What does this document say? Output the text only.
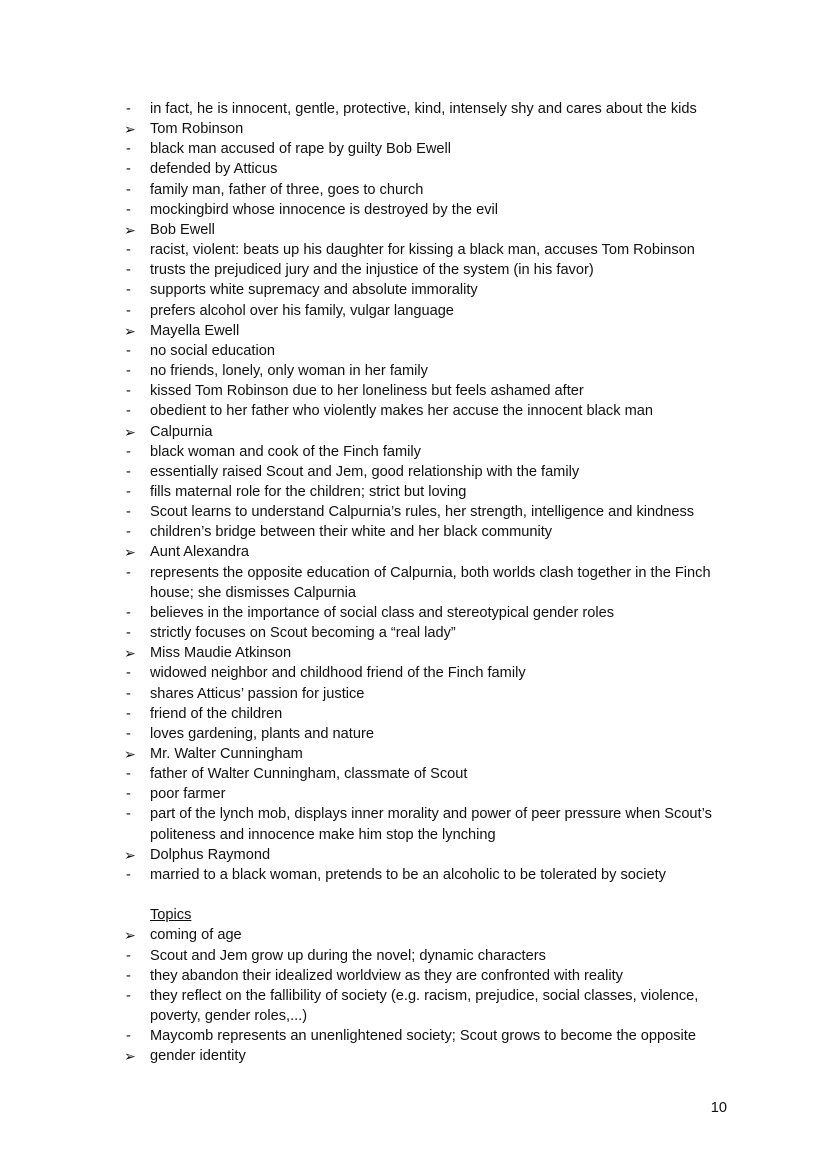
-	in fact, he is innocent, gentle, protective, kind, intensely shy and cares about the kids
➢ Tom Robinson
-	black man accused of rape by guilty Bob Ewell
-	defended by Atticus
-	family man, father of three, goes to church
-	mockingbird whose innocence is destroyed by the evil
➢ Bob Ewell
-	racist, violent: beats up his daughter for kissing a black man, accuses Tom Robinson
-	trusts the prejudiced jury and the injustice of the system (in his favor)
-	supports white supremacy and absolute immorality
-	prefers alcohol over his family, vulgar language
➢ Mayella Ewell
-	no social education
-	no friends, lonely, only woman in her family
-	kissed Tom Robinson due to her loneliness but feels ashamed after
-	obedient to her father who violently makes her accuse the innocent black man
➢ Calpurnia
-	black woman and cook of the Finch family
-	essentially raised Scout and Jem, good relationship with the family
-	fills maternal role for the children; strict but loving
-	Scout learns to understand Calpurnia’s rules, her strength, intelligence and kindness
-	children’s bridge between their white and her black community
➢ Aunt Alexandra
-	represents the opposite education of Calpurnia, both worlds clash together in the Finch house; she dismisses Calpurnia
-	believes in the importance of social class and stereotypical gender roles
-	strictly focuses on Scout becoming a “real lady”
➢ Miss Maudie Atkinson
-	widowed neighbor and childhood friend of the Finch family
-	shares Atticus’ passion for justice
-	friend of the children
-	loves gardening, plants and nature
➢ Mr. Walter Cunningham
-	father of Walter Cunningham, classmate of Scout
-	poor farmer
-	part of the lynch mob, displays inner morality and power of peer pressure when Scout’s politeness and innocence make him stop the lynching
➢ Dolphus Raymond
-	married to a black woman, pretends to be an alcoholic to be tolerated by society
Topics
➢ coming of age
-	Scout and Jem grow up during the novel; dynamic characters
-	they abandon their idealized worldview as they are confronted with reality
-	they reflect on the fallibility of society (e.g. racism, prejudice, social classes, violence, poverty, gender roles,...)
-	Maycomb represents an unenlightened society; Scout grows to become the opposite
➢ gender identity
10
